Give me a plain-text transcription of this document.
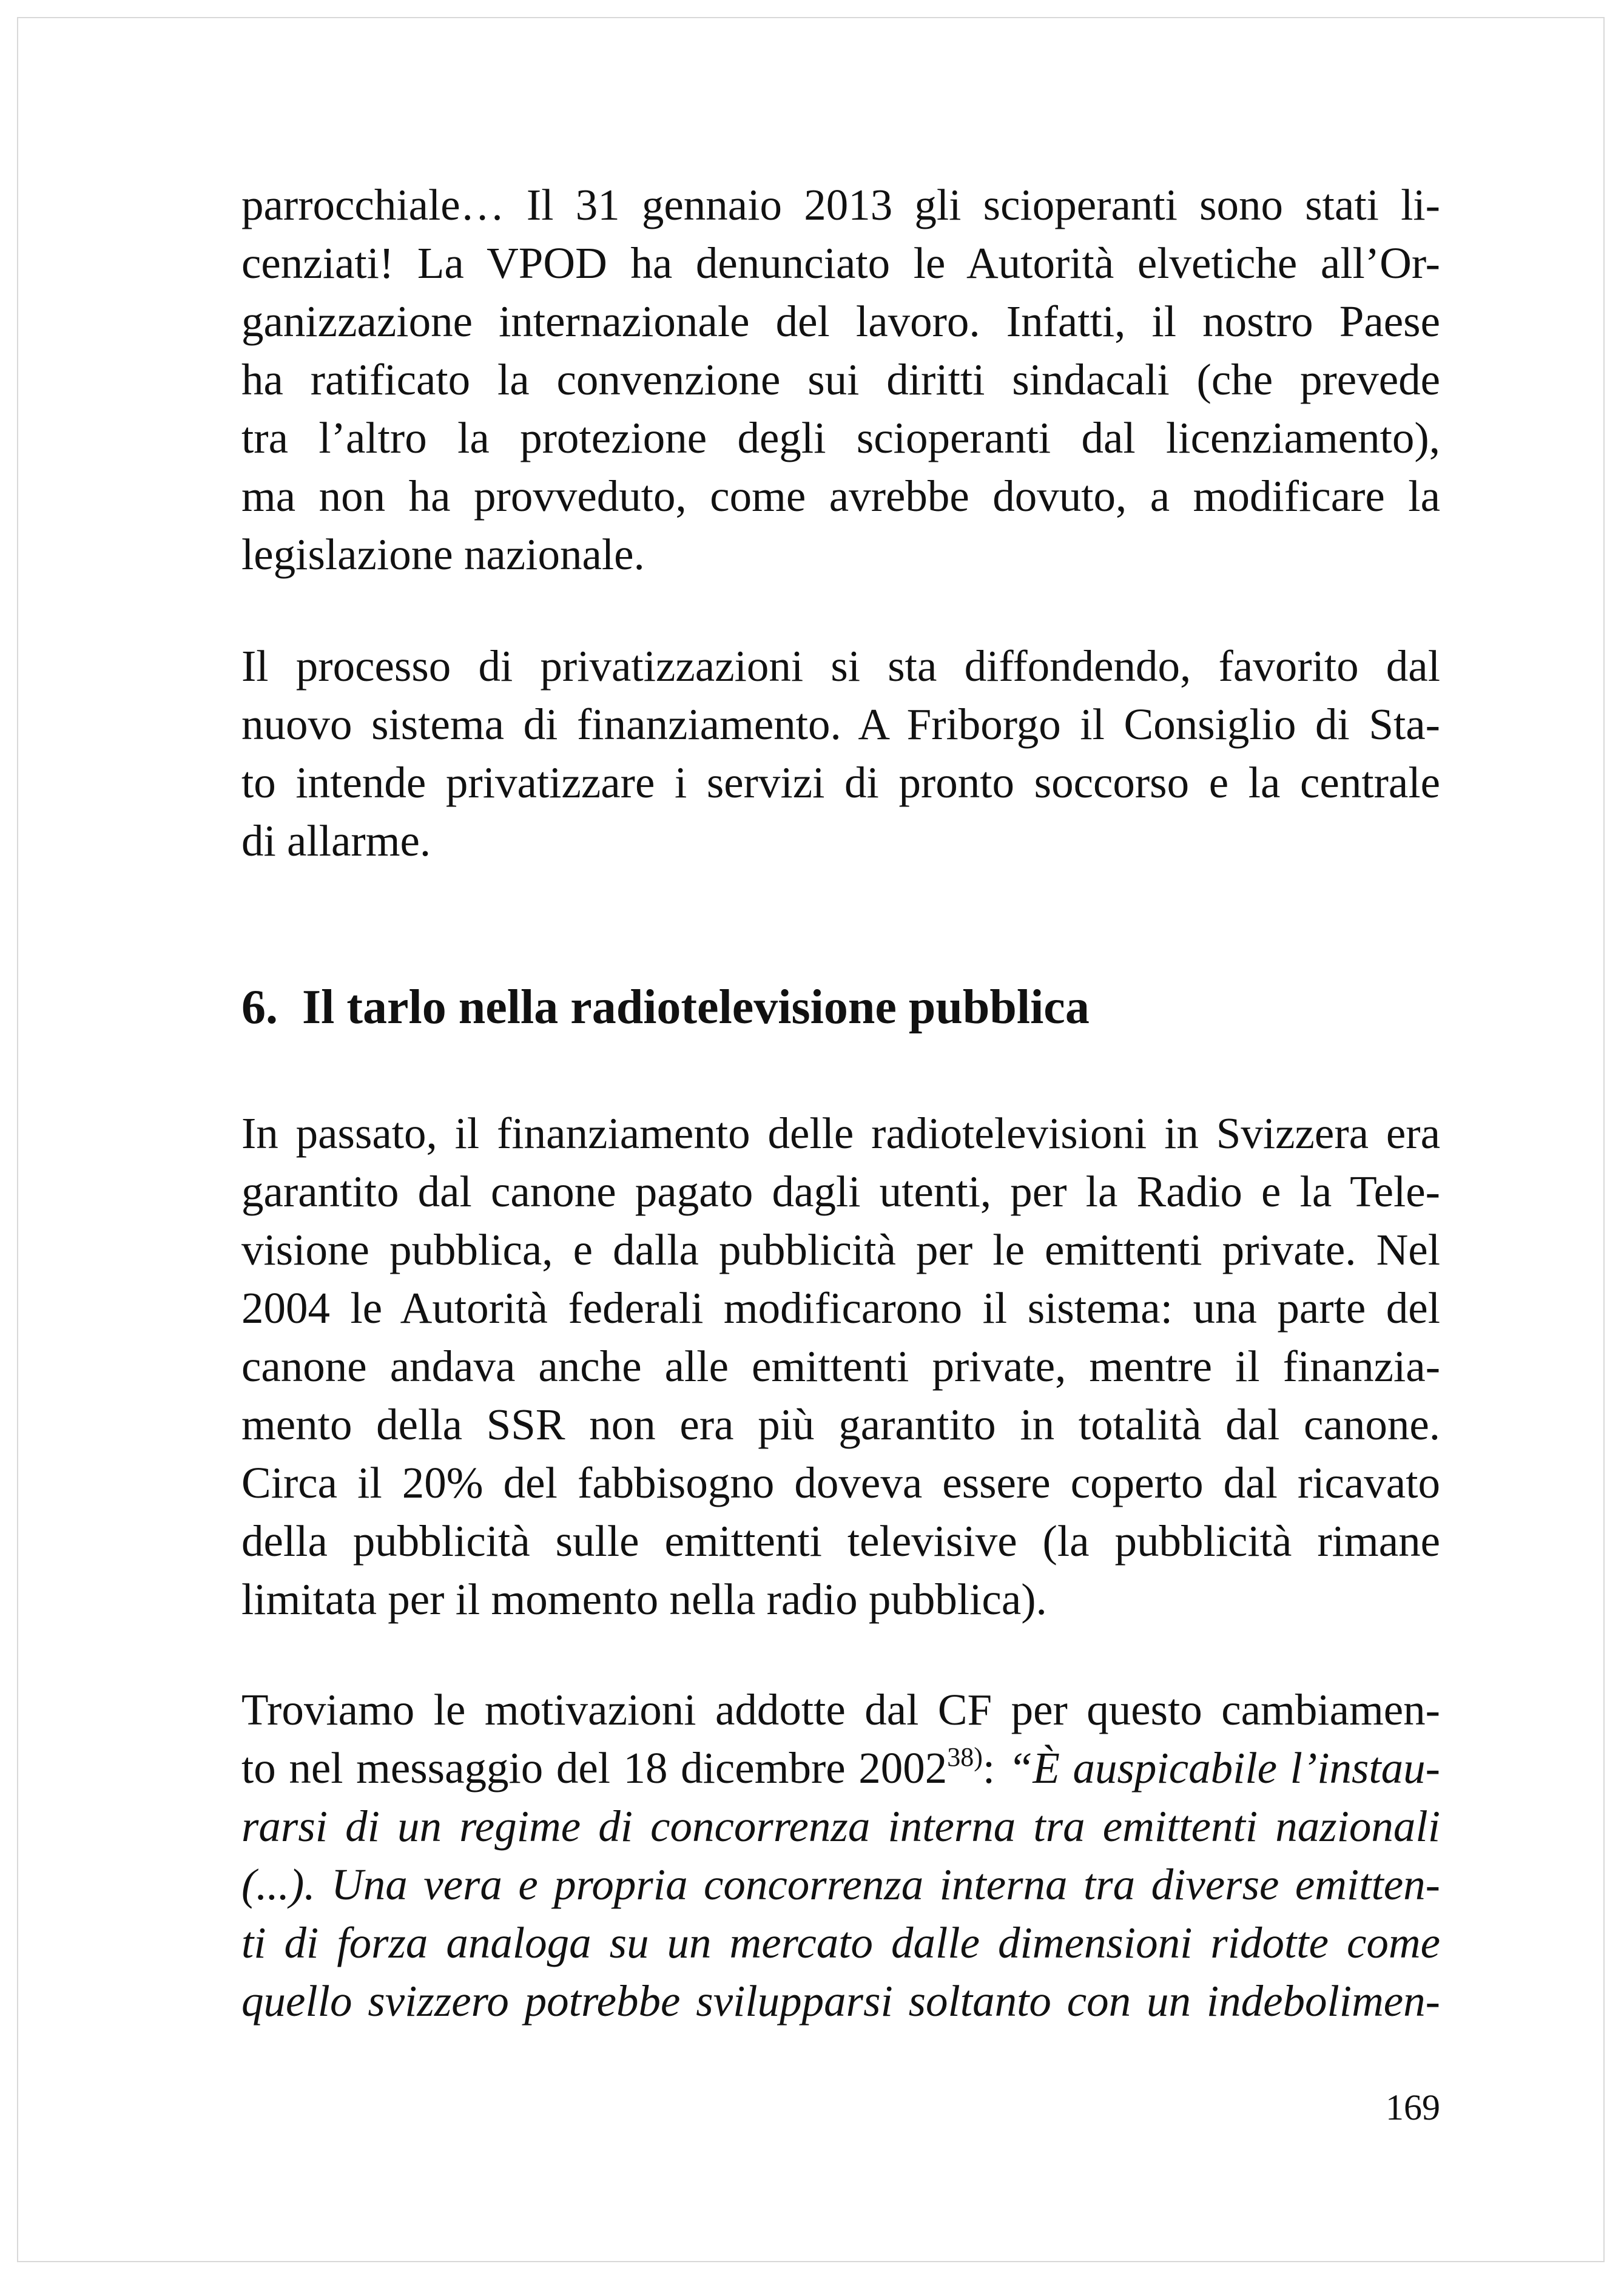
parrocchiale… Il 31 gennaio 2013 gli scioperanti sono stati li-
cenziati! La VPOD ha denunciato le Autorità elvetiche all’Or-
ganizzazione internazionale del lavoro. Infatti, il nostro Paese
ha ratificato la convenzione sui diritti sindacali (che prevede
tra l’altro la protezione degli scioperanti dal licenziamento),
ma non ha provveduto, come avrebbe dovuto, a modificare la
legislazione nazionale.
Il processo di privatizzazioni si sta diffondendo, favorito dal
nuovo sistema di finanziamento. A Friborgo il Consiglio di Sta-
to intende privatizzare i servizi di pronto soccorso e la centrale
di allarme.
6. Il tarlo nella radiotelevisione pubblica
In passato, il finanziamento delle radiotelevisioni in Svizzera era
garantito dal canone pagato dagli utenti, per la Radio e la Tele-
visione pubblica, e dalla pubblicità per le emittenti private. Nel
2004 le Autorità federali modificarono il sistema: una parte del
canone andava anche alle emittenti private, mentre il finanzia-
mento della SSR non era più garantito in totalità dal canone.
Circa il 20% del fabbisogno doveva essere coperto dal ricavato
della pubblicità sulle emittenti televisive (la pubblicità rimane
limitata per il momento nella radio pubblica).
Troviamo le motivazioni addotte dal CF per questo cambiamen-
to nel messaggio del 18 dicembre 2002$^{38)}$: “È auspicabile l’instau-
rarsi di un regime di concorrenza interna tra emittenti nazionali
(...). Una vera e propria concorrenza interna tra diverse emitten-
ti di forza analoga su un mercato dalle dimensioni ridotte come
quello svizzero potrebbe svilupparsi soltanto con un indebolimen-
169
